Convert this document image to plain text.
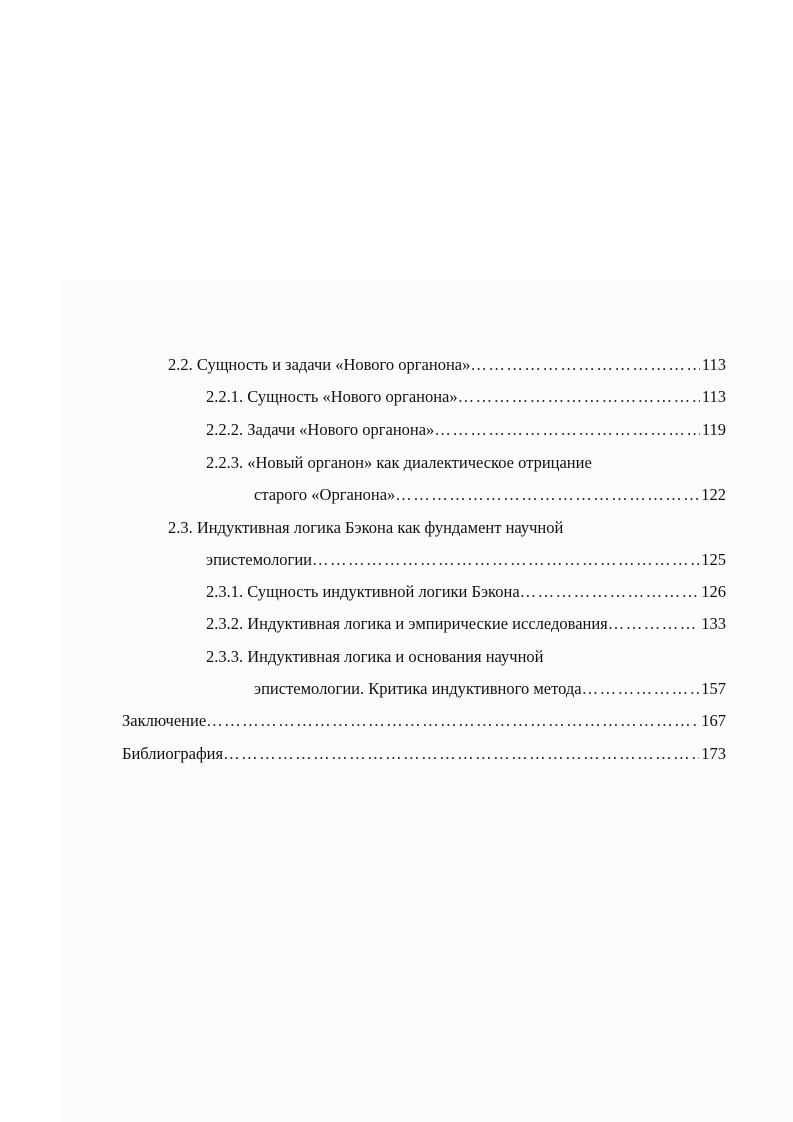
2.2. Сущность и задачи «Нового органона» …………………………………………………………………………………………………………………………………………………………………………………	113
2.2.1. Сущность «Нового органона» …………………………………………………………………………………………………………………………………………………………………………………	113
2.2.2. Задачи «Нового органона» …………………………………………………………………………………………………………………………………………………………………………………	119
2.2.3. «Новый органон» как диалектическое отрицание
старого «Органона» …………………………………………………………………………………………………………………………………………………………………………………	122
2.3. Индуктивная логика Бэкона как фундамент научной
эпистемологии …………………………………………………………………………………………………………………………………………………………………………………	125
2.3.1. Сущность индуктивной логики Бэкона …………………………………………………………………………………………………………………………………………………………………………………	126
2.3.2. Индуктивная логика и эмпирические исследования …………………………………………………………………………………………………………………………………………………………………………………	133
2.3.3. Индуктивная логика и основания научной
эпистемологии. Критика индуктивного метода …………………………………………………………………………………………………………………………………………………………………………………	157
Заключение …………………………………………………………………………………………………………………………………………………………………………………	167
Библиография …………………………………………………………………………………………………………………………………………………………………………………	173
